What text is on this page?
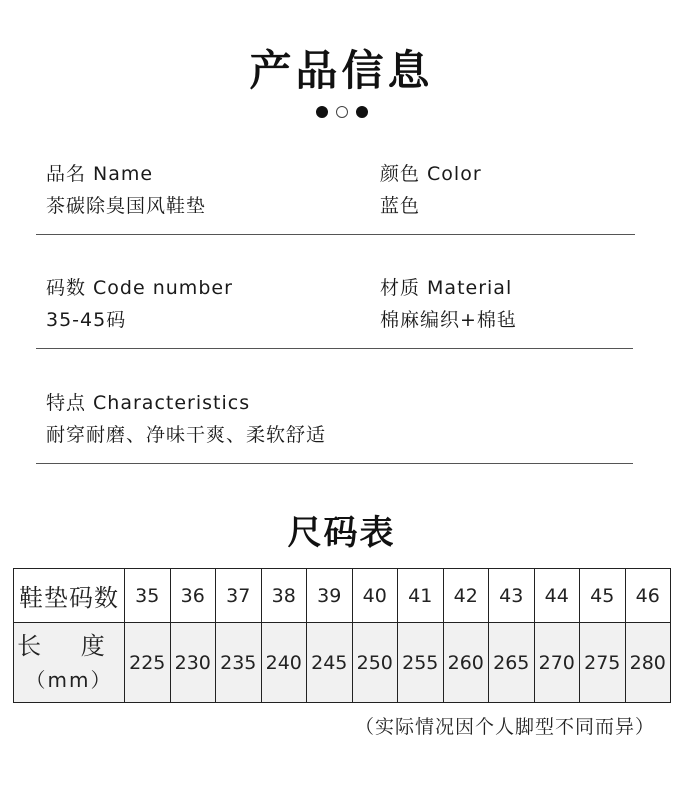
产品信息
品名 Name
茶碳除臭国风鞋垫
颜色 Color
蓝色
码数 Code number
35-45码
材质 Material
棉麻编织+棉毡
特点 Characteristics
耐穿耐磨、净味干爽、柔软舒适
尺码表
鞋垫码数	35	36	37	38	39	40	41	42	43	44	45	46

长 度
（mm）	225	230	235	240	245	250	255	260	265	270	275	280
（实际情况因个人脚型不同而异）
